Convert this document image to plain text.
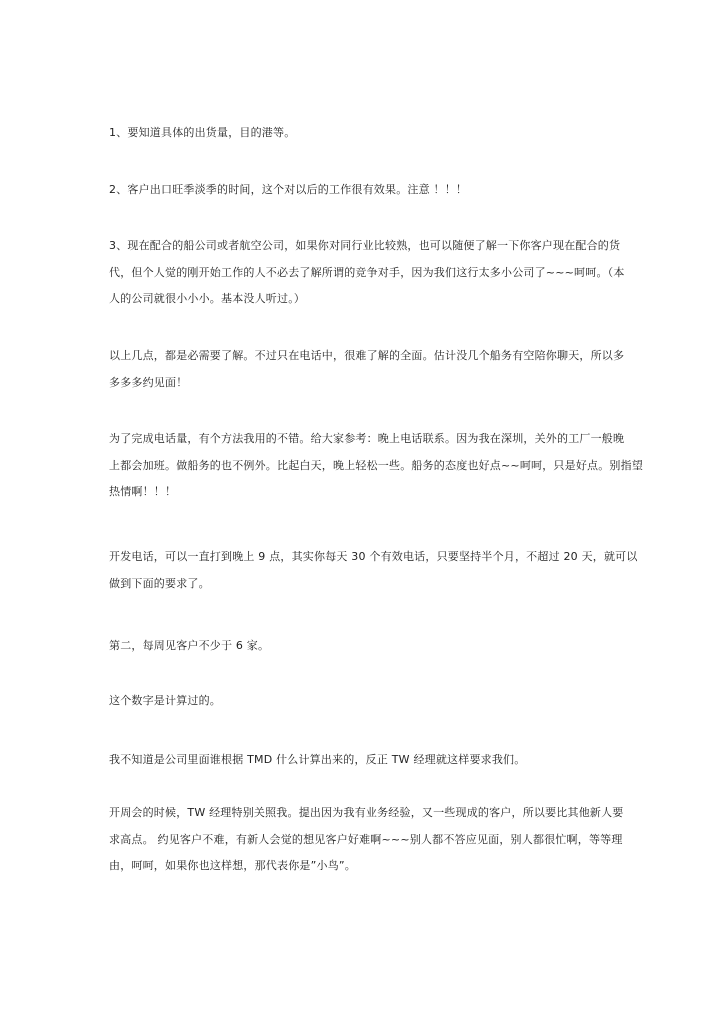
1、要知道具体的出货量，目的港等。

2、客户出口旺季淡季的时间，这个对以后的工作很有效果。注意 ！！！

3、现在配合的船公司或者航空公司，如果你对同行业比较熟，也可以随便了解一下你客户现在配合的货
代，但个人觉的刚开始工作的人不必去了解所谓的竞争对手，因为我们这行太多小公司了~~~呵呵。（本
人的公司就很小小小。基本没人听过。）

以上几点，都是必需要了解。不过只在电话中，很难了解的全面。估计没几个船务有空陪你聊天，所以多
多多多约见面！

为了完成电话量，有个方法我用的不错。给大家参考：晚上电话联系。因为我在深圳，关外的工厂一般晚
上都会加班。做船务的也不例外。比起白天，晚上轻松一些。船务的态度也好点~~呵呵，只是好点。别指望
热情啊！！！

开发电话，可以一直打到晚上 9 点，其实你每天 30 个有效电话，只要坚持半个月，不超过 20 天，就可以
做到下面的要求了。

第二，每周见客户不少于 6 家。

这个数字是计算过的。

我不知道是公司里面谁根据 TMD 什么计算出来的，反正 TW 经理就这样要求我们。

开周会的时候，TW 经理特别关照我。提出因为我有业务经验，又一些现成的客户，所以要比其他新人要
求高点。 约见客户不难，有新人会觉的想见客户好难啊~~~别人都不答应见面，别人都很忙啊，等等理
由，呵呵，如果你也这样想，那代表你是”小鸟”。
